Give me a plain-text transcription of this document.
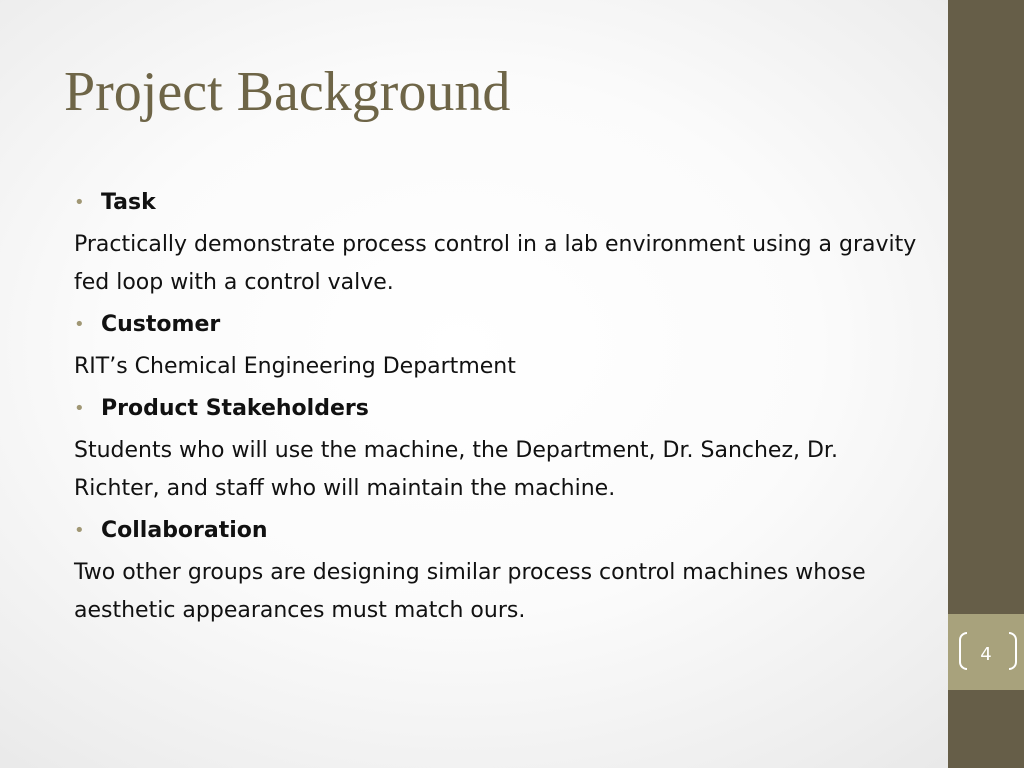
Project Background
• Task
Practically demonstrate process control in a lab environment using a gravity fed loop with a control valve.
• Customer
RIT’s Chemical Engineering Department
• Product Stakeholders
Students who will use the machine, the Department, Dr. Sanchez, Dr. Richter, and staff who will maintain the machine.
• Collaboration
Two other groups are designing similar process control machines whose aesthetic appearances must match ours.
4
